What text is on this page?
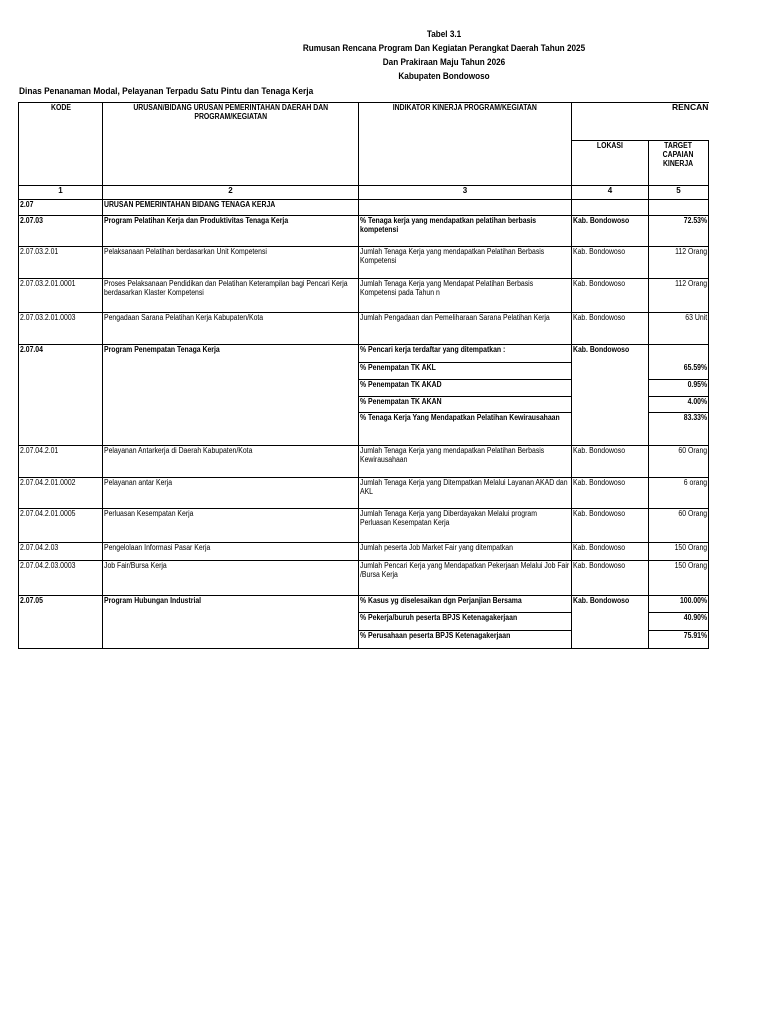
Tabel 3.1
Rumusan Rencana Program Dan Kegiatan Perangkat Daerah Tahun 2025
Dan Prakiraan Maju Tahun 2026
Kabupaten Bondowoso
Dinas Penanaman Modal, Pelayanan Terpadu Satu Pintu dan Tenaga Kerja
KODE	URUSAN/BIDANG URUSAN PEMERINTAHAN DAERAH DAN PROGRAM/KEGIATAN	INDIKATOR KINERJA PROGRAM/KEGIATAN	RENCAN	
			LOKASI	TARGET CAPAIAN KINERJA
1	2	3	4	5
2.07	URUSAN PEMERINTAHAN BIDANG TENAGA KERJA			
2.07.03	Program Pelatihan Kerja dan Produktivitas Tenaga Kerja	% Tenaga kerja yang mendapatkan pelatihan berbasis kompetensi	Kab. Bondowoso	72.53%
2.07.03.2.01	Pelaksanaan Pelatihan berdasarkan Unit Kompetensi	Jumlah Tenaga Kerja yang mendapatkan Pelatihan Berbasis Kompetensi	Kab. Bondowoso	112 Orang
2.07.03.2.01.0001	Proses Pelaksanaan Pendidikan dan Pelatihan Keterampilan bagi Pencari Kerja berdasarkan Klaster Kompetensi	Jumlah Tenaga Kerja yang Mendapat Pelatihan Berbasis Kompetensi pada Tahun n	Kab. Bondowoso	112 Orang
2.07.03.2.01.0003	Pengadaan Sarana Pelatihan Kerja Kabupaten/Kota	Jumlah Pengadaan dan Pemeliharaan Sarana Pelatihan Kerja	Kab. Bondowoso	63 Unit
2.07.04	Program Penempatan Tenaga Kerja	% Pencari kerja terdaftar yang ditempatkan :	Kab. Bondowoso	
		% Penempatan TK AKL		65.59%
		% Penempatan TK AKAD		0.95%
		% Penempatan TK AKAN		4.00%
		% Tenaga Kerja Yang Mendapatkan Pelatihan Kewirausahaan		83.33%
2.07.04.2.01	Pelayanan Antarkerja di Daerah Kabupaten/Kota	Jumlah Tenaga Kerja yang mendapatkan Pelatihan Berbasis Kewirausahaan	Kab. Bondowoso	60 Orang
2.07.04.2.01.0002	Pelayanan antar Kerja	Jumlah Tenaga Kerja yang Ditempatkan Melalui Layanan AKAD dan AKL	Kab. Bondowoso	6 orang
2.07.04.2.01.0005	Perluasan Kesempatan Kerja	Jumlah Tenaga Kerja yang Diberdayakan Melalui program Perluasan Kesempatan Kerja	Kab. Bondowoso	60 Orang
2.07.04.2.03	Pengelolaan Informasi Pasar Kerja	Jumlah peserta Job Market Fair yang ditempatkan	Kab. Bondowoso	150 Orang
2.07.04.2.03.0003	Job Fair/Bursa Kerja	Jumlah Pencari Kerja yang Mendapatkan Pekerjaan Melalui Job Fair /Bursa Kerja	Kab. Bondowoso	150 Orang
2.07.05	Program Hubungan Industrial	% Kasus yg diselesaikan dgn Perjanjian Bersama	Kab. Bondowoso	100.00%
		% Pekerja/buruh peserta BPJS Ketenagakerjaan		40.90%
		% Perusahaan peserta BPJS Ketenagakerjaan		75.91%
